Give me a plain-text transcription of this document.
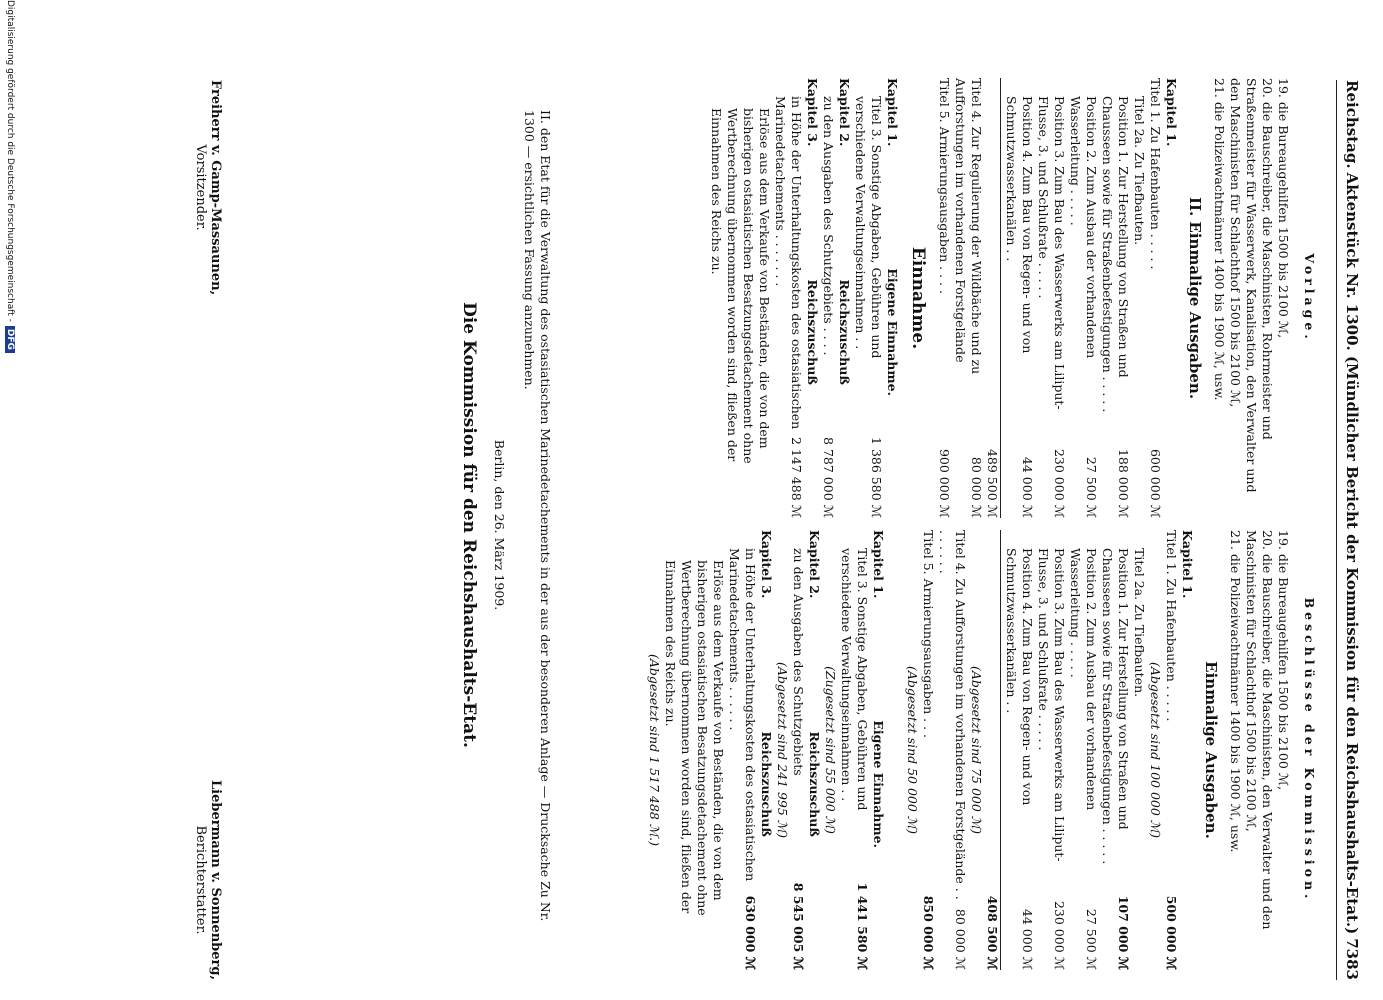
Reichstag.
Aktenstück Nr. 1300. (Mündlicher Bericht der Kommission für den Reichshaushalts-Etat.)
7383
Vorlage.
19. die Bureaugehilfen 1500 bis 2100 ℳ,
20. die Bauschreiber, die Maschinisten, Rohrmeister und Straßenmeister für Wasserwerk, Kanalisation, den Verwalter und den Maschinisten für Schlachthof 1500 bis 2100 ℳ,
21. die Polizeiwachtmänner 1400 bis 1900 ℳ, usw.
II. Einmalige Ausgaben.
Kapitel 1.
Titel 1. Zu Hafenbauten . . . . .
600 000 ℳ
Titel 2a. Zu Tiefbauten.
Position 1. Zur Herstellung von Straßen und Chausseen sowie für Straßenbefestigungen . . . . .
188 000 ℳ
Position 2. Zum Ausbau der vorhandenen Wasserleitung . . . . .
27 500 ℳ
Position 3. Zum Bau des Wasserwerks am Liliput-Flusse, 3. und Schlußrate . . . . .
230 000 ℳ
Position 4. Zum Bau von Regen- und von Schmutzwasserkanälen . .
44 000 ℳ
489 500 ℳ
Titel 4. Zur Regulierung der Wildbäche und zu Aufforstungen im vorhandenen Forstgelände
80 000 ℳ
Titel 5. Armierungsausgaben . . . .
900 000 ℳ
Einnahme.
Kapitel 1.
Eigene Einnahme.
Titel 3. Sonstige Abgaben, Gebühren und verschiedene Verwaltungseinnahmen . .
1 386 580 ℳ
Kapitel 2.
Reichszuschuß
zu den Ausgaben des Schutzgebiets . . . .
8 787 000 ℳ
Kapitel 3.
Reichszuschuß
in Höhe der Unterhaltungskosten des ostasiatischen Marinedetachements . . . . . . .
2 147 488 ℳ
Erlöse aus dem Verkaufe von Beständen, die von dem bisherigen ostasiatischen Besatzungsdetachement ohne Wertberechnung übernommen worden sind, fließen der Einnahmen des Reichs zu.
Beschlüsse der Kommission.
19. die Bureaugehilfen 1500 bis 2100 ℳ,
20. die Bauschreiber, die Maschinisten, den Verwalter und den Maschinisten für Schlachthof 1500 bis 2100 ℳ,
21. die Polizeiwachtmänner 1400 bis 1900 ℳ, usw.
Einmalige Ausgaben.
Kapitel 1.
Titel 1. Zu Hafenbauten . . . . .
500 000 ℳ
(Abgesetzt sind 100 000 ℳ)
Titel 2a. Zu Tiefbauten.
Position 1. Zur Herstellung von Straßen und Chausseen sowie für Straßenbefestigungen . . . . .
107 000 ℳ
Position 2. Zum Ausbau der vorhandenen Wasserleitung . . . . .
27 500 ℳ
Position 3. Zum Bau des Wasserwerks am Liliput-Flusse, 3. und Schlußrate . . . . .
230 000 ℳ
Position 4. Zum Bau von Regen- und von Schmutzwasserkanälen . .
44 000 ℳ
408 500 ℳ
(Abgesetzt sind 75 000 ℳ)
Titel 4. Zu Aufforstungen im vorhandenen Forstgelände . . . . . . . .
80 000 ℳ
Titel 5. Armierungsausgaben . . .
850 000 ℳ
(Abgesetzt sind 50 000 ℳ)
Kapitel 1.
Eigene Einnahme.
Titel 3. Sonstige Abgaben, Gebühren und verschiedene Verwaltungseinnahmen . .
1 441 580 ℳ
(Zugesetzt sind 55 000 ℳ)
Kapitel 2.
Reichszuschuß
zu den Ausgaben des Schutzgebiets
8 545 005 ℳ
(Abgesetzt sind 241 995 ℳ)
Kapitel 3.
Reichszuschuß
in Höhe der Unterhaltungskosten des ostasiatischen Marinedetachements . . . . . .
630 000 ℳ
Erlöse aus dem Verkaufe von Beständen, die von dem bisherigen ostasiatischen Besatzungsdetachement ohne Wertberechnung übernommen worden sind, fließen der Einnahmen des Reichs zu.
(Abgesetzt sind 1 517 488 ℳ.)
II. den Etat für die Verwaltung des ostasiatischen Marinedetachements in der aus der besonderen Anlage — Drucksache Zu Nr. 1300 — ersichtlichen Fassung anzunehmen.
Berlin, den 26. März 1909.
Die Kommission für den Reichshaushalts-Etat.
Freiherr v. Gamp-Massaunen,
Vorsitzender.
Liebermann v. Sonnenberg,
Berichterstatter.
Digitalisierung gefördert durch die Deutsche Forschungsgemeinschaft -
DFG
